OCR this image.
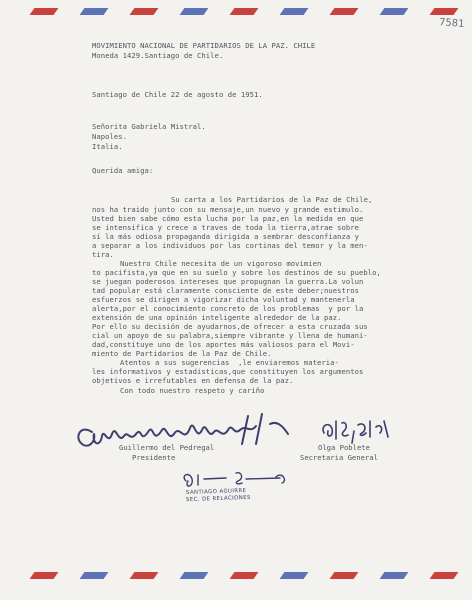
7581
MOVIMIENTO NACIONAL DE PARTIDARIOS DE LA PAZ. CHILE
Moneda 1429.Santiago de Chile.
Santiago de Chile 22 de agosto de 1951.
Señorita Gabriela Mistral.
Napoles.
Italia.
Querida amiga:
Su carta a los Partidarios de la Paz de Chile,
nos ha traido junto con su mensaje,un nuevo y grande estimulo.
Usted bien sabe cómo esta lucha por la paz,en la medida en que
se intensifica y crece a traves de toda la tierra,atrae sobre
sí la más odiosa propaganda dirigida a sembrar desconfianza y
a separar a los individuos por las cortinas del temor y la men-
tira.
Nuestro Chile necesita de un vigoroso movimien
to pacifista,ya que en su suelo y sobre los destinos de su pueblo,
se juegan poderosos intereses que propugnan la guerra.La volun
tad popular está claramente consciente de este deber;nuestros
esfuerzos se dirigen a vigorizar dicha voluntad y mantenerla
alerta,por el conocimiento concreto de los problemas  y por la
extensión de una opinión inteligente alrededor de la paz.
Por ello su decisión de ayudarnos,de ofrecer a esta cruzada sus
cial un apoyo de su palabra,siempre vibrante y llena de humani-
dad,constituye uno de los aportes más valiosos para el Movi-
miento de Partidarios de la Paz de Chile.
Atentos a sus sugerencias  ,le enviaremos materia-
les informativos y estadisticas,que constituyen los argumentos
objetivos e irrefutables en defensa de la paz.
Con todo nuestro respeto y cariño
Guillermo del Pedregal
Presidente
Olga Poblete
Secretaria General
SANTIAGO AGUIRRE
SEC. DE RELACIONES
